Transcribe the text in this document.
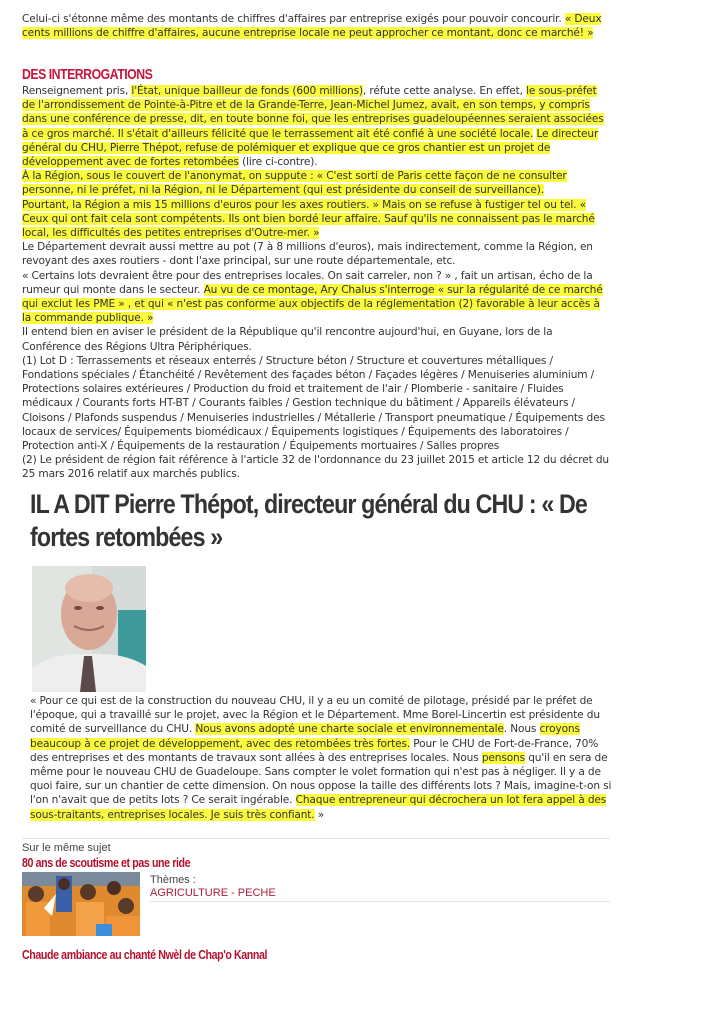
Celui-ci s'étonne même des montants de chiffres d'affaires par entreprise exigés pour pouvoir concourir. « Deux cents millions de chiffre d'affaires, aucune entreprise locale ne peut approcher ce montant, donc ce marché! »

DES INTERROGATIONS

Renseignement pris, l'État, unique bailleur de fonds (600 millions), réfute cette analyse. En effet, le sous-préfet de l'arrondissement de Pointe-à-Pitre et de la Grande-Terre, Jean-Michel Jumez, avait, en son temps, y compris dans une conférence de presse, dit, en toute bonne foi, que les entreprises guadeloupéennes seraient associées à ce gros marché. Il s'était d'ailleurs félicité que le terrassement ait été confié à une société locale. Le directeur général du CHU, Pierre Thépot, refuse de polémiquer et explique que ce gros chantier est un projet de développement avec de fortes retombées (lire ci-contre).

À la Région, sous le couvert de l'anonymat, on suppute : « C'est sorti de Paris cette façon de ne consulter personne, ni le préfet, ni la Région, ni le Département (qui est présidente du conseil de surveillance).

Pourtant, la Région a mis 15 millions d'euros pour les axes routiers. » Mais on se refuse à fustiger tel ou tel. « Ceux qui ont fait cela sont compétents. Ils ont bien bordé leur affaire. Sauf qu'ils ne connaissent pas le marché local, les difficultés des petites entreprises d'Outre-mer. »

Le Département devrait aussi mettre au pot (7 à 8 millions d'euros), mais indirectement, comme la Région, en revoyant des axes routiers - dont l'axe principal, sur une route départementale, etc.

« Certains lots devraient être pour des entreprises locales. On sait carreler, non ? » , fait un artisan, écho de la rumeur qui monte dans le secteur. Au vu de ce montage, Ary Chalus s'interroge « sur la régularité de ce marché qui exclut les PME » , et qui « n'est pas conforme aux objectifs de la réglementation (2) favorable à leur accès à la commande publique. »

Il entend bien en aviser le président de la République qu'il rencontre aujourd'hui, en Guyane, lors de la Conférence des Régions Ultra Périphériques.

(1) Lot D : Terrassements et réseaux enterrés / Structure béton / Structure et couvertures métalliques / Fondations spéciales / Étanchéité / Revêtement des façades béton / Façades légères / Menuiseries aluminium / Protections solaires extérieures / Production du froid et traitement de l'air / Plomberie - sanitaire / Fluides médicaux / Courants forts HT-BT / Courants faibles / Gestion technique du bâtiment / Appareils élévateurs / Cloisons / Plafonds suspendus / Menuiseries industrielles / Métallerie / Transport pneumatique / Équipements des locaux de services/ Équipements biomédicaux / Équipements logistiques / Équipements des laboratoires / Protection anti-X / Équipements de la restauration / Équipements mortuaires / Salles propres

(2) Le président de région fait référence à l'article 32 de l'ordonnance du 23 juillet 2015 et article 12 du décret du 25 mars 2016 relatif aux marchés publics.

IL A DIT Pierre Thépot, directeur général du CHU : « De fortes retombées »

« Pour ce qui est de la construction du nouveau CHU, il y a eu un comité de pilotage, présidé par le préfet de l'époque, qui a travaillé sur le projet, avec la Région et le Département. Mme Borel-Lincertin est présidente du comité de surveillance du CHU. Nous avons adopté une charte sociale et environnementale. Nous croyons beaucoup à ce projet de développement, avec des retombées très fortes. Pour le CHU de Fort-de-France, 70% des entreprises et des montants de travaux sont allées à des entreprises locales. Nous pensons qu'il en sera de même pour le nouveau CHU de Guadeloupe. Sans compter le volet formation qui n'est pas à négliger. Il y a de quoi faire, sur un chantier de cette dimension. On nous oppose la taille des différents lots ? Mais, imagine-t-on si l'on n'avait que de petits lots ? Ce serait ingérable. Chaque entrepreneur qui décrochera un lot fera appel à des sous-traitants, entreprises locales. Je suis très confiant. »

Sur le même sujet
80 ans de scoutisme et pas une ride
Thèmes :
AGRICULTURE - PECHE
Chaude ambiance au chanté Nwèl de Chap'o Kannal
